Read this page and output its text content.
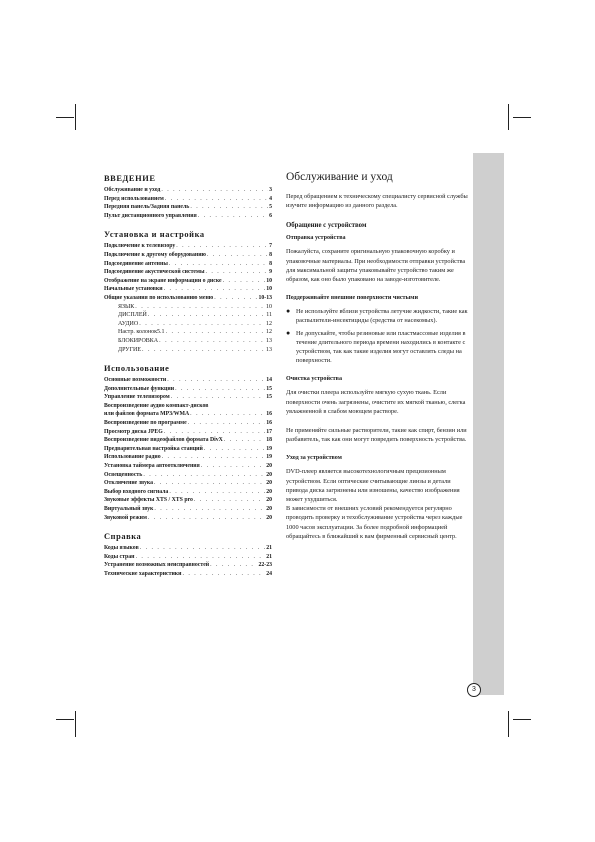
3
ВВЕДЕНИЕ
Обслуживание и уход . . .	3
Перед использованием . . .	4
Передняя панель/Задняя панель . . .	5
Пульт дистанционного управления . . .	6
Установка и настройка
Подключение к телевизору . . .	7
Подключение к другому оборудованию . . .	8
Подсоединение антенны . . .	8
Подсоединение акустической системы . . .	9
Отображение на экране информации о диске . . .	10
Начальные установки . . .	10
Общие указания по использованию меню . . .	10-13
ЯЗЫК . . .	10
ДИСПЛЕЙ . . .	11
АУДИО . . .	12
Настр. колонок5.1 . . .	12
БЛОКИРОВКА . . .	13
ДРУГИЕ . . .	13
Использование
Основные возможности . . .	14
Дополнительные функции . . .	15
Управление телевизором . . .	15
Воспроизведение аудио компакт-дисков
или файлов формата MP3/WMA . . .	16
Воспроизведение по программе . . .	16
Просмотр диска JPEG . . .	17
Воспроизведение видеофайлов формата DivX . . .	18
Предварительная настройка станций . . .	19
Использование радио . . .	19
Установка таймера автоотключения . . .	20
Освещенность . . .	20
Отключение звука . . .	20
Выбор входного сигнала . . .	20
Звуковые эффекты XTS / XTS pro . . .	20
Виртуальный звук . . .	20
Звуковой режим . . .	20
Справка
Коды языков . . .	21
Коды стран . . .	21
Устранение возможных неисправностей . . .	22-23
Технические характеристики . . .	24
Обслуживание и уход

Перед обращением к техническому специалисту сервисной службы изучите информацию из данного раздела.

Обращение с устройством
Отправка устройства

Пожалуйста, сохраните оригинальную упаковочную коробку и упаковочные материалы. При необходимости отправки устройства для максимальной защиты упаковывайте устройство таким же образом, как оно было упаковано на заводе-изготовителе.

Поддерживайте внешние поверхности чистыми
● Не используйте вблизи устройства летучие жидкости, такие как распылители-инсектициды (средства от насекомых).
● Не допускайте, чтобы резиновые или пластмассовые изделия в течение длительного периода времени находились в контакте с устройством, так как такие изделия могут оставлять следы на поверхности.
Очистка устройства

Для очистки плеера используйте мягкую сухую ткань. Если поверхности очень загрязнены, очистите их мягкой тканью, слегка увлажненной в слабом моющем растворе.

Не применяйте сильные растворители, такие как спирт, бензин или разбавитель, так как они могут повредить поверхность устройства.

Уход за устройством

DVD-плеер является высокотехнологичным прецизионным устройством. Если оптические считывающие линзы и детали привода диска загрязнены или изношены, качество изображения может ухудшиться.

В зависимости от внешних условий рекомендуется регулярно проводить проверку и техобслуживание устройства через каждые 1000 часов эксплуатации. За более подробной информацией обращайтесь в ближайший к вам фирменный сервисный центр.
